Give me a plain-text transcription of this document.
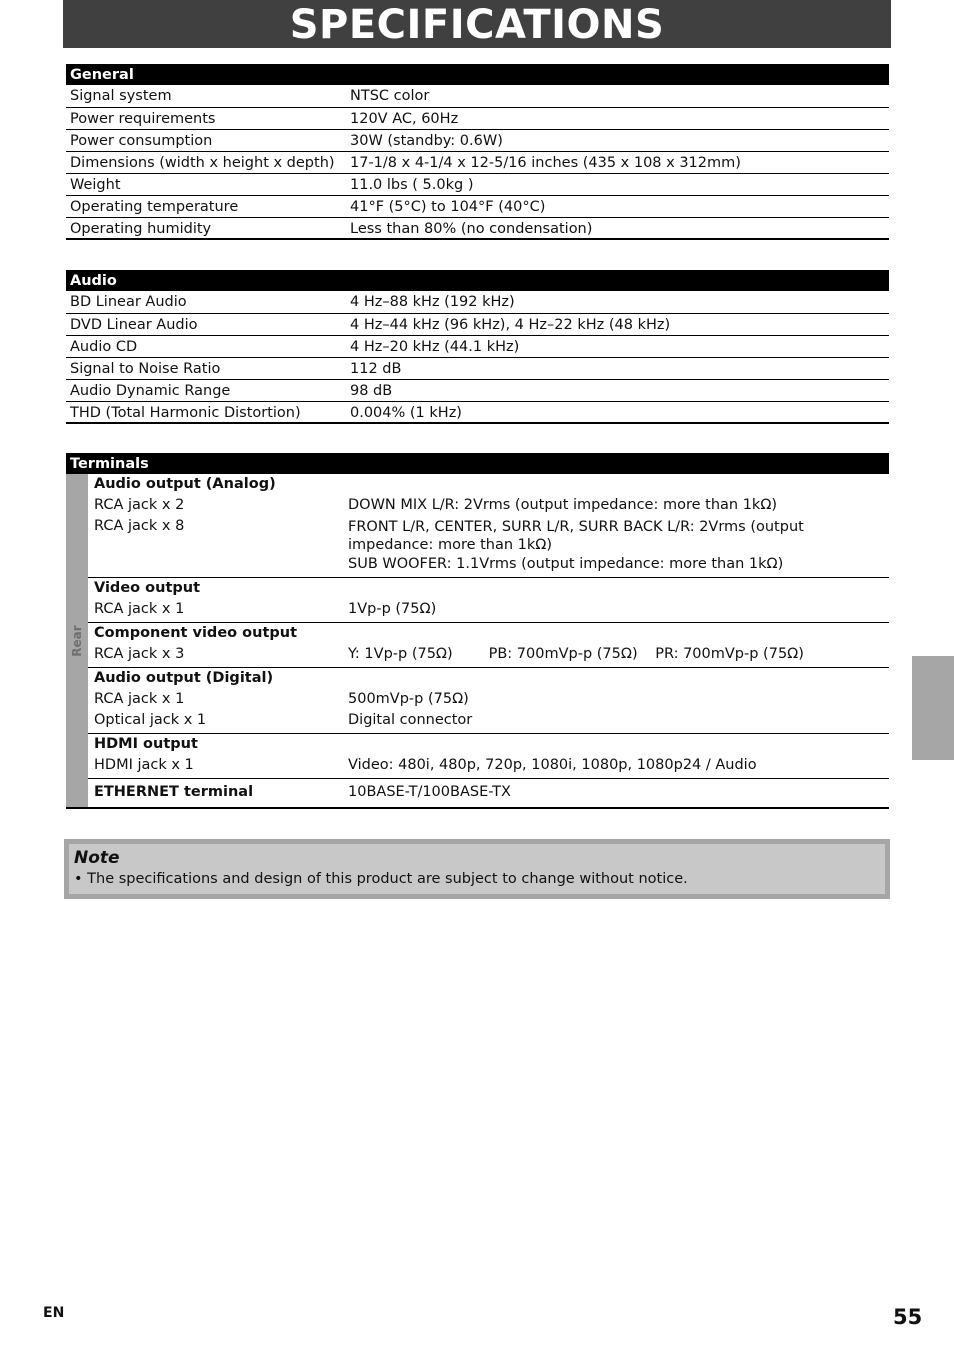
SPECIFICATIONS
General
Signal system	NTSC color
Power requirements	120V AC, 60Hz
Power consumption	30W (standby: 0.6W)
Dimensions (width x height x depth)	17-1/8 x 4-1/4 x 12-5/16 inches (435 x 108 x 312mm)
Weight	11.0 lbs ( 5.0kg )
Operating temperature	41°F (5°C) to 104°F (40°C)
Operating humidity	Less than 80% (no condensation)
Audio
BD Linear Audio	4 Hz–88 kHz (192 kHz)
DVD Linear Audio	4 Hz–44 kHz (96 kHz), 4 Hz–22 kHz (48 kHz)
Audio CD	4 Hz–20 kHz (44.1 kHz)
Signal to Noise Ratio	112 dB
Audio Dynamic Range	98 dB
THD (Total Harmonic Distortion)	0.004% (1 kHz)
Terminals
Rear
Audio output (Analog)
RCA jack x 2	DOWN MIX L/R: 2Vrms (output impedance: more than 1kΩ)
RCA jack x 8	FRONT L/R, CENTER, SURR L/R, SURR BACK L/R: 2Vrms (output impedance: more than 1kΩ)
SUB WOOFER: 1.1Vrms (output impedance: more than 1kΩ)
Video output
RCA jack x 1	1Vp-p (75Ω)
Component video output
RCA jack x 3	Y: 1Vp-p (75Ω) PB: 700mVp-p (75Ω) PR: 700mVp-p (75Ω)
Audio output (Digital)
RCA jack x 1	500mVp-p (75Ω)
Optical jack x 1	Digital connector
HDMI output
HDMI jack x 1	Video: 480i, 480p, 720p, 1080i, 1080p, 1080p24 / Audio
ETHERNET terminal	10BASE-T/100BASE-TX
Note
• The specifications and design of this product are subject to change without notice.
EN	55
